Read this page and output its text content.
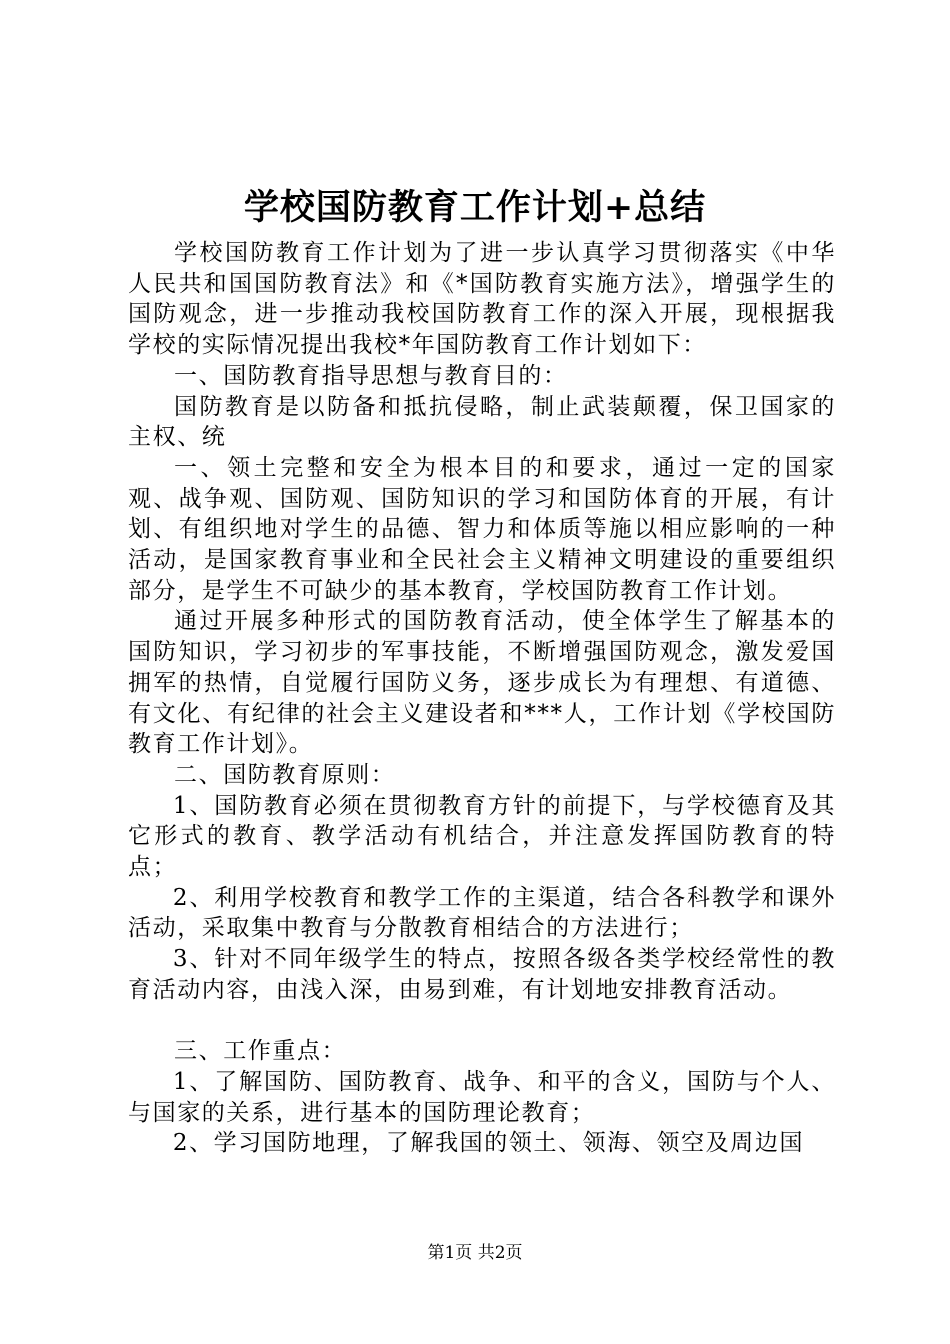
学校国防教育工作计划+总结

学校国防教育工作计划为了进一步认真学习贯彻落实《中华人民共和国国防教育法》和《*国防教育实施方法》，增强学生的国防观念，进一步推动我校国防教育工作的深入开展，现根据我学校的实际情况提出我校*年国防教育工作计划如下：

一、国防教育指导思想与教育目的：

国防教育是以防备和抵抗侵略，制止武装颠覆，保卫国家的主权、统

一、领土完整和安全为根本目的和要求，通过一定的国家观、战争观、国防观、国防知识的学习和国防体育的开展，有计划、有组织地对学生的品德、智力和体质等施以相应影响的一种活动，是国家教育事业和全民社会主义精神文明建设的重要组织部分，是学生不可缺少的基本教育，学校国防教育工作计划。

通过开展多种形式的国防教育活动，使全体学生了解基本的国防知识，学习初步的军事技能，不断增强国防观念，激发爱国拥军的热情，自觉履行国防义务，逐步成长为有理想、有道德、有文化、有纪律的社会主义建设者和***人，工作计划《学校国防教育工作计划》。

二、国防教育原则：

1、国防教育必须在贯彻教育方针的前提下，与学校德育及其它形式的教育、教学活动有机结合，并注意发挥国防教育的特点；

2、利用学校教育和教学工作的主渠道，结合各科教学和课外活动，采取集中教育与分散教育相结合的方法进行；

3、针对不同年级学生的特点，按照各级各类学校经常性的教育活动内容，由浅入深，由易到难，有计划地安排教育活动。

三、工作重点：

1、了解国防、国防教育、战争、和平的含义，国防与个人、与国家的关系，进行基本的国防理论教育；

2、学习国防地理，了解我国的领土、领海、领空及周边国

第1页 共2页
